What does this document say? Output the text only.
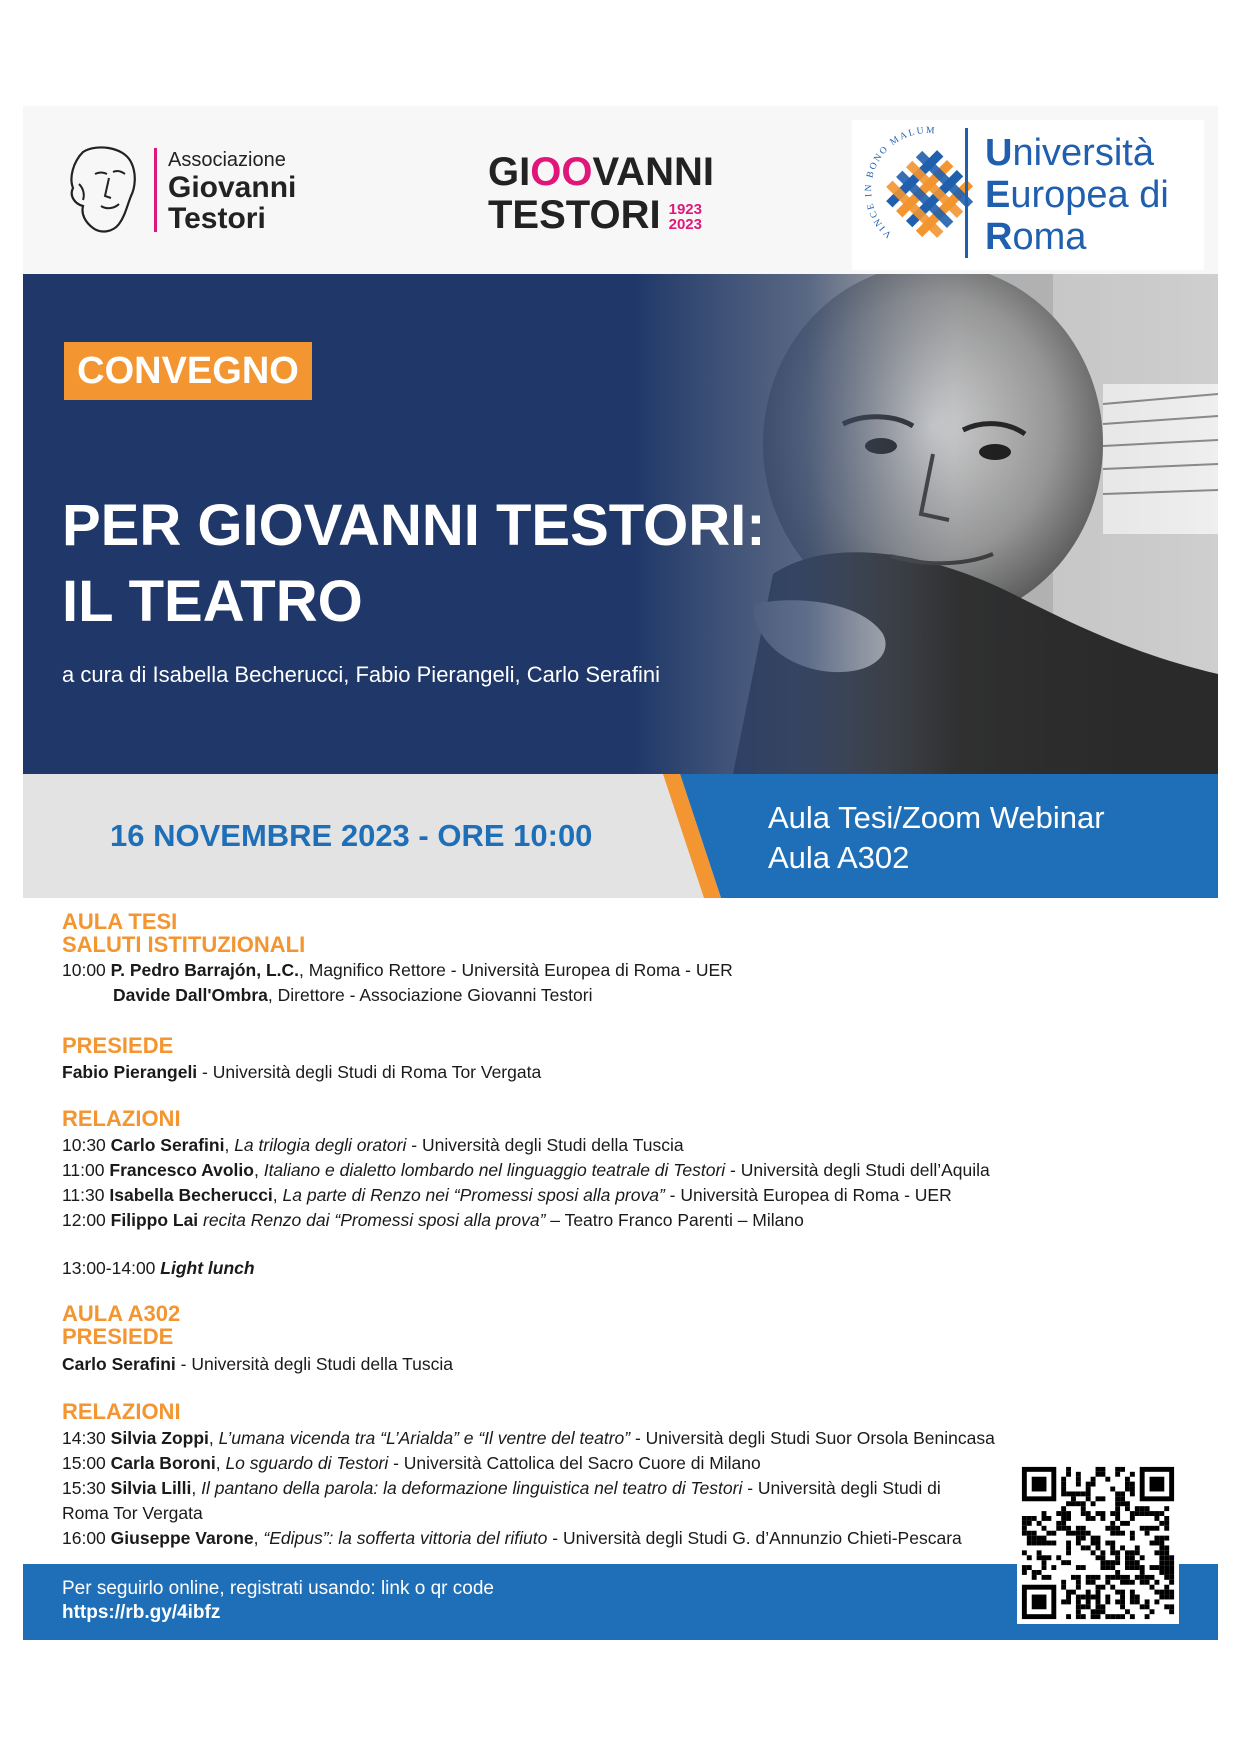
Associazione
Giovanni
Testori
GIOOVANNI
TESTORI 1923
2023	VINCE IN BONO MALUM
Università
Europea di
Roma
CONVEGNO
PER GIOVANNI TESTORI:
IL TEATRO
a cura di Isabella Becherucci, Fabio Pierangeli, Carlo Serafini
16 NOVEMBRE 2023 - ORE 10:00
Aula Tesi/Zoom Webinar
Aula A302
AULA TESI
SALUTI ISTITUZIONALI
10:00 P. Pedro Barrajón, L.C., Magnifico Rettore - Università Europea di Roma - UER
Davide Dall'Ombra, Direttore - Associazione Giovanni Testori
PRESIEDE
Fabio Pierangeli - Università degli Studi di Roma Tor Vergata
RELAZIONI
10:30 Carlo Serafini, La trilogia degli oratori - Università degli Studi della Tuscia
11:00 Francesco Avolio, Italiano e dialetto lombardo nel linguaggio teatrale di Testori - Università degli Studi dell’Aquila
11:30 Isabella Becherucci, La parte di Renzo nei “Promessi sposi alla prova” - Università Europea di Roma - UER
12:00 Filippo Lai recita Renzo dai “Promessi sposi alla prova” – Teatro Franco Parenti – Milano
13:00-14:00 Light lunch
AULA A302
PRESIEDE
Carlo Serafini - Università degli Studi della Tuscia
RELAZIONI
14:30 Silvia Zoppi, L’umana vicenda tra “L’Arialda” e “Il ventre del teatro” - Università degli Studi Suor Orsola Benincasa
15:00 Carla Boroni, Lo sguardo di Testori - Università Cattolica del Sacro Cuore di Milano
15:30 Silvia Lilli, Il pantano della parola: la deformazione linguistica nel teatro di Testori - Università degli Studi di
Roma Tor Vergata
16:00 Giuseppe Varone, “Edipus”: la sofferta vittoria del rifiuto - Università degli Studi G. d’Annunzio Chieti-Pescara
Per seguirlo online, registrati usando: link o qr code
https://rb.gy/4ibfz
